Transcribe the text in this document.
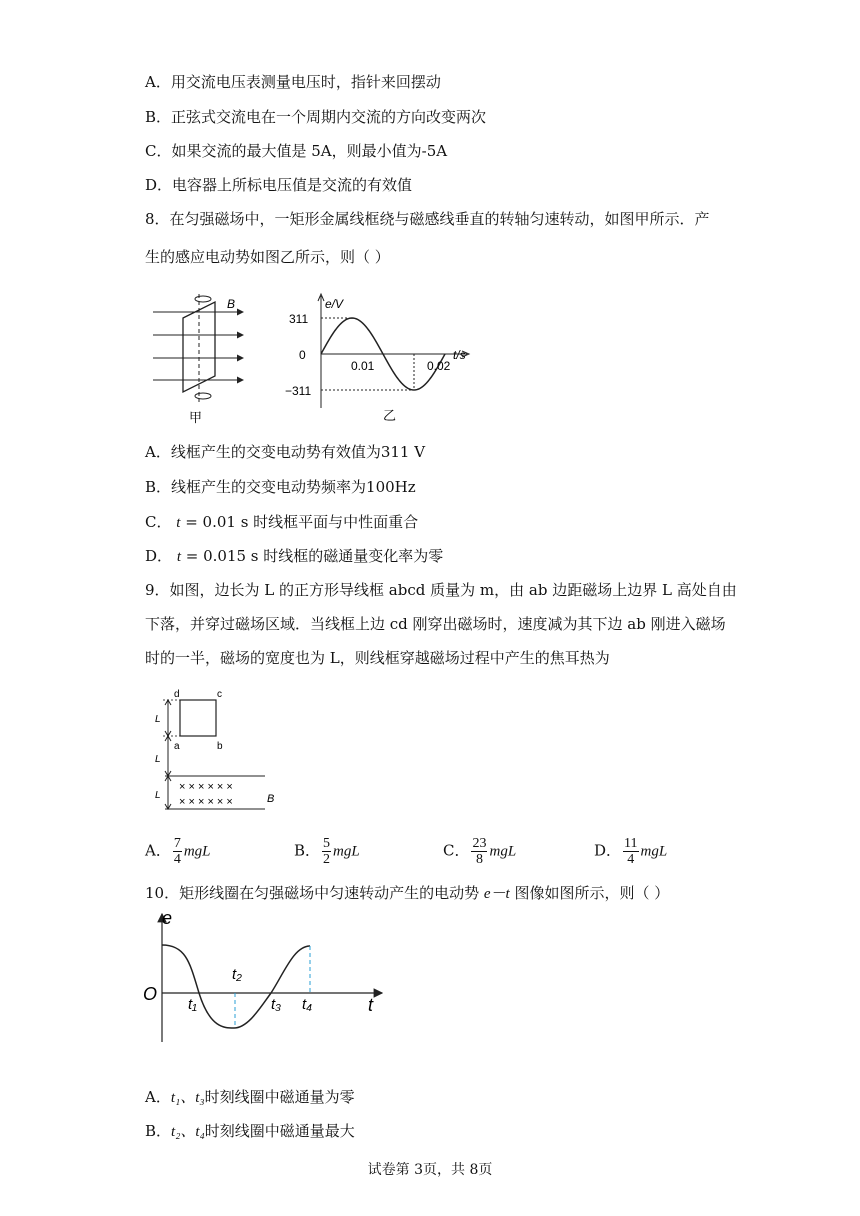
A．用交流电压表测量电压时，指针来回摆动
B．正弦式交流电在一个周期内交流的方向改变两次
C．如果交流的最大值是 5A，则最小值为-5A
D．电容器上所标电压值是交流的有效值
8．在匀强磁场中，一矩形金属线框绕与磁感线垂直的转轴匀速转动，如图甲所示．产
生的感应电动势如图乙所示，则（ ）
B
甲
e/V
311
0
−311
0.01	0.02
t/s
乙
A．线框产生的交变电动势有效值为311 V
B．线框产生的交变电动势频率为100Hz
C． t = 0.01 s 时线框平面与中性面重合
D． t = 0.015 s 时线框的磁通量变化率为零
9．如图，边长为 L 的正方形导线框 abcd 质量为 m，由 ab 边距磁场上边界 L 高处自由
下落，并穿过磁场区域．当线框上边 cd 刚穿出磁场时，速度减为其下边 ab 刚进入磁场
时的一半，磁场的宽度也为 L，则线框穿越磁场过程中产生的焦耳热为
d	c
a	b
L
L
L
× × × × × ×
× × × × × ×	B
A． $\frac{7}{4}$ mgL	B． $\frac{5}{2}$ mgL	C． $\frac{23}{8}$ mgL	D． $\frac{11}{4}$ mgL
10．矩形线圈在匀强磁场中匀速转动产生的电动势 e－t 图像如图所示，则（ ）
e
O
t
t₁
t₂
t₃ t₄
A．t₁、t₃时刻线圈中磁通量为零
B．t₂、t₄时刻线圈中磁通量最大
试卷第 3页，共 8页
